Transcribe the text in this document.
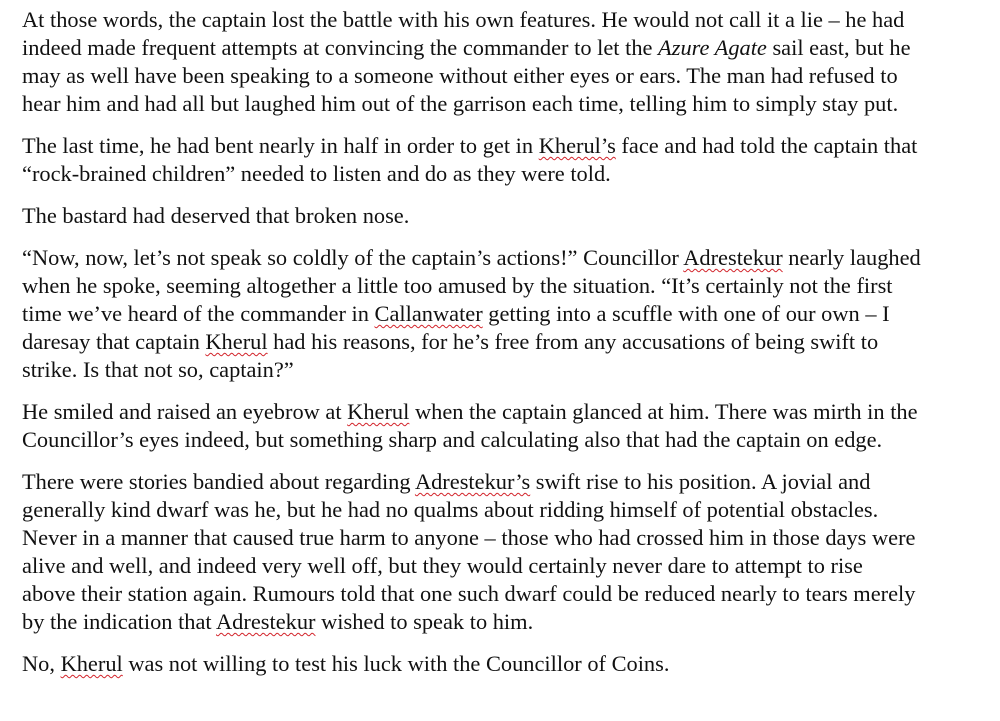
At those words, the captain lost the battle with his own features. He would not call it a lie – he had
indeed made frequent attempts at convincing the commander to let the Azure Agate sail east, but he
may as well have been speaking to a someone without either eyes or ears. The man had refused to
hear him and had all but laughed him out of the garrison each time, telling him to simply stay put.

The last time, he had bent nearly in half in order to get in Kherul’s face and had told the captain that
“rock-brained children” needed to listen and do as they were told.

The bastard had deserved that broken nose.

“Now, now, let’s not speak so coldly of the captain’s actions!” Councillor Adrestekur nearly laughed
when he spoke, seeming altogether a little too amused by the situation. “It’s certainly not the first
time we’ve heard of the commander in Callanwater getting into a scuffle with one of our own – I
daresay that captain Kherul had his reasons, for he’s free from any accusations of being swift to
strike. Is that not so, captain?”

He smiled and raised an eyebrow at Kherul when the captain glanced at him. There was mirth in the
Councillor’s eyes indeed, but something sharp and calculating also that had the captain on edge.

There were stories bandied about regarding Adrestekur’s swift rise to his position. A jovial and
generally kind dwarf was he, but he had no qualms about ridding himself of potential obstacles.
Never in a manner that caused true harm to anyone – those who had crossed him in those days were
alive and well, and indeed very well off, but they would certainly never dare to attempt to rise
above their station again. Rumours told that one such dwarf could be reduced nearly to tears merely
by the indication that Adrestekur wished to speak to him.

No, Kherul was not willing to test his luck with the Councillor of Coins.
